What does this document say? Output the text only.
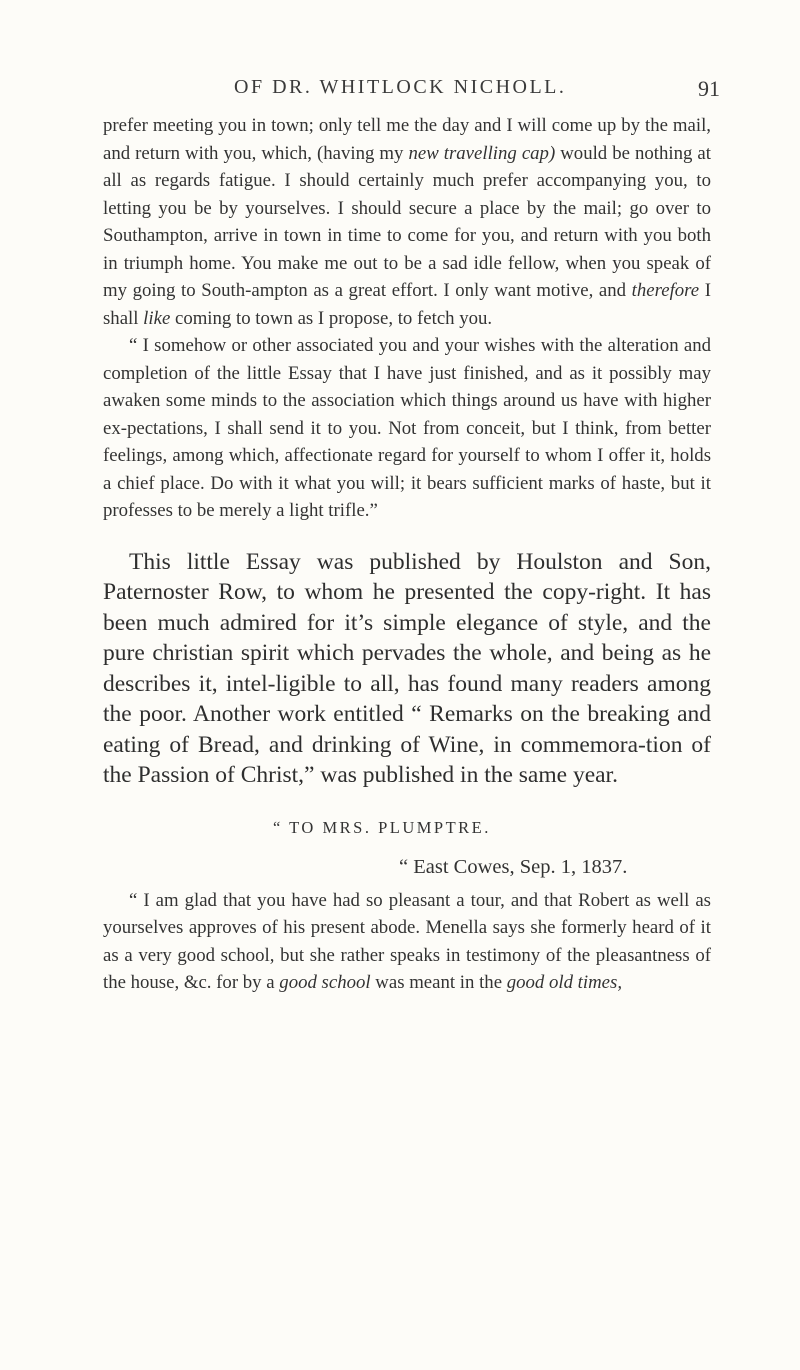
OF DR. WHITLOCK NICHOLL.	91

prefer meeting you in town; only tell me the day and I will come up by the mail, and return with you, which, (having my new travelling cap) would be nothing at all as regards fatigue. I should certainly much prefer accompanying you, to letting you be by yourselves. I should secure a place by the mail; go over to Southampton, arrive in town in time to come for you, and return with you both in triumph home. You make me out to be a sad idle fellow, when you speak of my going to South-ampton as a great effort. I only want motive, and therefore I shall like coming to town as I propose, to fetch you.

“ I somehow or other associated you and your wishes with the alteration and completion of the little Essay that I have just finished, and as it possibly may awaken some minds to the association which things around us have with higher ex-pectations, I shall send it to you. Not from conceit, but I think, from better feelings, among which, affectionate regard for yourself to whom I offer it, holds a chief place. Do with it what you will; it bears sufficient marks of haste, but it professes to be merely a light trifle.”

This little Essay was published by Houlston and Son, Paternoster Row, to whom he presented the copy-right. It has been much admired for it’s simple elegance of style, and the pure christian spirit which pervades the whole, and being as he describes it, intel-ligible to all, has found many readers among the poor. Another work entitled “ Remarks on the breaking and eating of Bread, and drinking of Wine, in commemora-tion of the Passion of Christ,” was published in the same year.

“ TO MRS. PLUMPTRE.
“ East Cowes, Sep. 1, 1837.

“ I am glad that you have had so pleasant a tour, and that Robert as well as yourselves approves of his present abode. Menella says she formerly heard of it as a very good school, but she rather speaks in testimony of the pleasantness of the house, &c. for by a good school was meant in the good old times,
